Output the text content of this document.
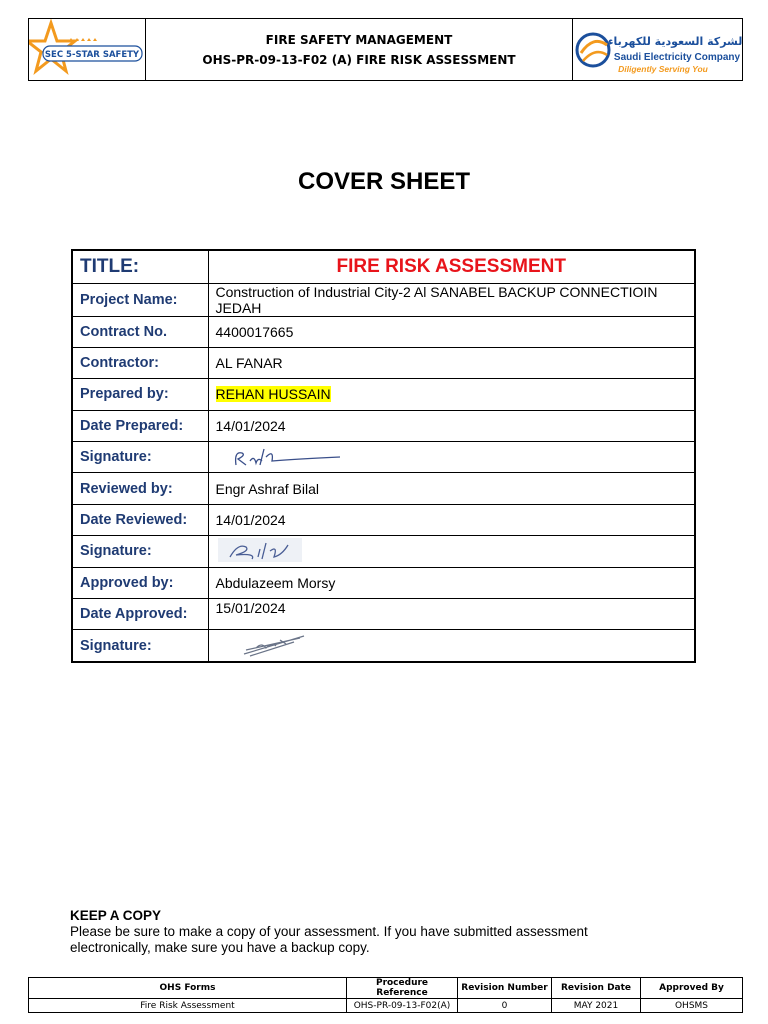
SEC 5-STAR SAFETY
FIRE SAFETY MANAGEMENT
OHS-PR-09-13-F02 (A) FIRE RISK ASSESSMENT
الشركة السعودية للكهرباء
Saudi Electricity Company
Diligently Serving You
COVER SHEET
TITLE:	FIRE RISK ASSESSMENT
Project Name:	Construction of Industrial City-2 Al SANABEL BACKUP CONNECTIOIN JEDAH
Contract No.	4400017665
Contractor:	AL FANAR
Prepared by:	REHAN HUSSAIN
Date Prepared:	14/01/2024
Signature:	
Reviewed by:	Engr Ashraf Bilal
Date Reviewed:	14/01/2024
Signature:	
Approved by:	Abdulazeem Morsy
Date Approved:	15/01/2024
Signature:	
KEEP A COPY
Please be sure to make a copy of your assessment. If you have submitted assessment electronically, make sure you have a backup copy.
OHS Forms	Procedure Reference	Revision Number	Revision Date	Approved By
Fire Risk Assessment	OHS-PR-09-13-F02(A)	0	MAY 2021	OHSMS
